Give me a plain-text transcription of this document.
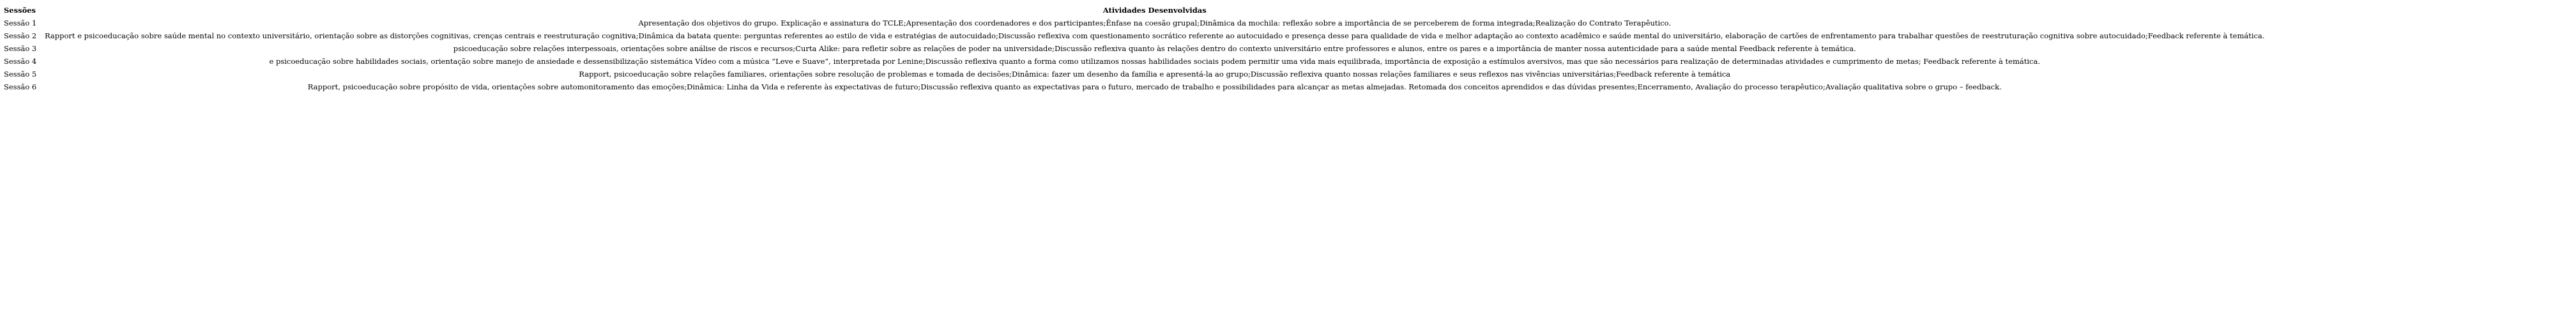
Sessões	Atividades Desenvolvidas
Sessão 1	Apresentação dos objetivos do grupo. Explicação e assinatura do TCLE;Apresentação dos coordenadores e dos participantes;Ênfase na coesão grupal;Dinâmica da mochila: reflexão sobre a importância de se perceberem de forma integrada;Realização do Contrato Terapêutico.
Sessão 2	Rapport e psicoeducação sobre saúde mental no contexto universitário, orientação sobre as distorções cognitivas, crenças centrais e reestruturação cognitiva;Dinâmica da batata quente: perguntas referentes ao estilo de vida e estratégias de autocuidado;Discussão reflexiva com questionamento socrático referente ao autocuidado e presença desse para qualidade de vida e melhor adaptação ao contexto acadêmico e saúde mental do universitário, elaboração de cartões de enfrentamento para trabalhar questões de reestruturação cognitiva sobre autocuidado;Feedback referente à temática.
Sessão 3	psicoeducação sobre relações interpessoais, orientações sobre análise de riscos e recursos;Curta Alike: para refletir sobre as relações de poder na universidade;Discussão reflexiva quanto às relações dentro do contexto universitário entre professores e alunos, entre os pares e a importância de manter nossa autenticidade para a saúde mental Feedback referente à temática.
Sessão 4	e psicoeducação sobre habilidades sociais, orientação sobre manejo de ansiedade e dessensibilização sistemática Vídeo com a música “Leve e Suave”, interpretada por Lenine;Discussão reflexiva quanto a forma como utilizamos nossas habilidades sociais podem permitir uma vida mais equilibrada, importância de exposição a estímulos aversivos, mas que são necessários para realização de determinadas atividades e cumprimento de metas; Feedback referente à temática.
Sessão 5	Rapport, psicoeducação sobre relações familiares, orientações sobre resolução de problemas e tomada de decisões;Dinâmica: fazer um desenho da família e apresentá-la ao grupo;Discussão reflexiva quanto nossas relações familiares e seus reflexos nas vivências universitárias;Feedback referente à temática
Sessão 6	Rapport, psicoeducação sobre propósito de vida, orientações sobre automonitoramento das emoções;Dinâmica: Linha da Vida e referente às expectativas de futuro;Discussão reflexiva quanto as expectativas para o futuro, mercado de trabalho e possibilidades para alcançar as metas almejadas. Retomada dos conceitos aprendidos e das dúvidas presentes;Encerramento, Avaliação do processo terapêutico;Avaliação qualitativa sobre o grupo – feedback.
